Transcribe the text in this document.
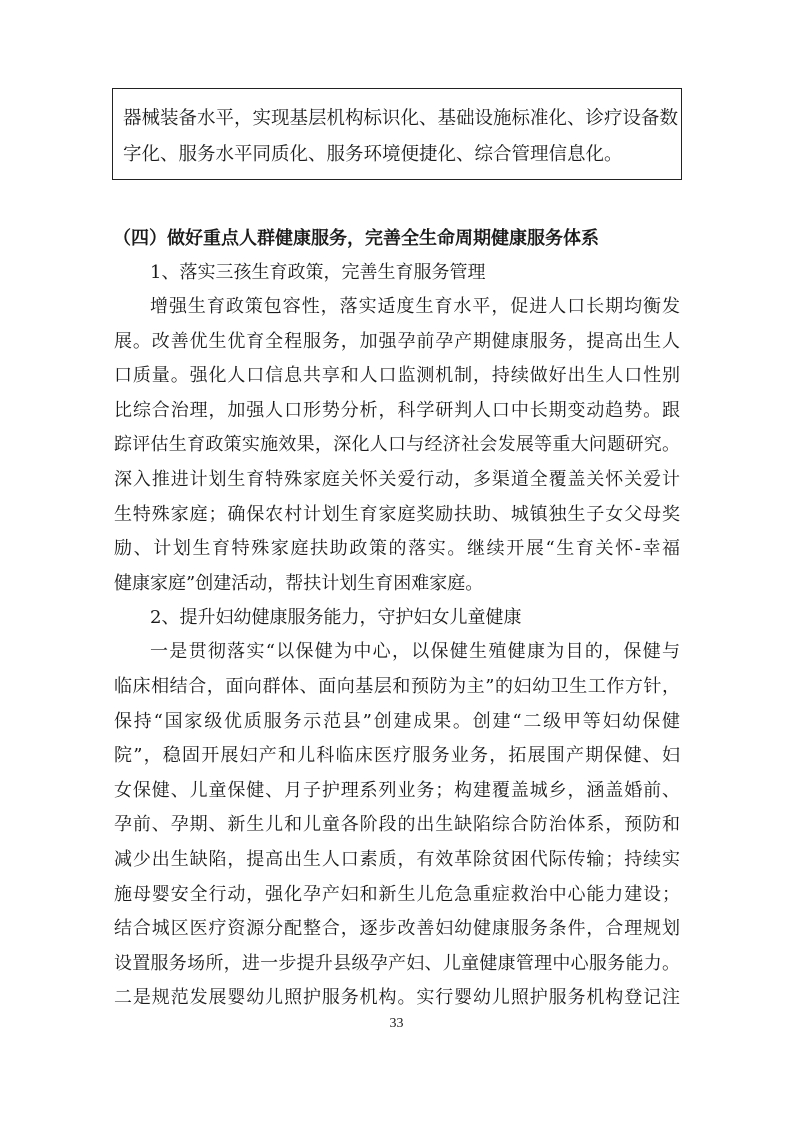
器械装备水平，实现基层机构标识化、基础设施标准化、诊疗设备数
字化、服务水平同质化、服务环境便捷化、综合管理信息化。
（四）做好重点人群健康服务，完善全生命周期健康服务体系
1、落实三孩生育政策，完善生育服务管理
增强生育政策包容性，落实适度生育水平，促进人口长期均衡发
展。改善优生优育全程服务，加强孕前孕产期健康服务，提高出生人
口质量。强化人口信息共享和人口监测机制，持续做好出生人口性别
比综合治理，加强人口形势分析，科学研判人口中长期变动趋势。跟
踪评估生育政策实施效果，深化人口与经济社会发展等重大问题研究。
深入推进计划生育特殊家庭关怀关爱行动，多渠道全覆盖关怀关爱计
生特殊家庭；确保农村计划生育家庭奖励扶助、城镇独生子女父母奖
励、计划生育特殊家庭扶助政策的落实。继续开展“生育关怀-幸福
健康家庭”创建活动，帮扶计划生育困难家庭。
2、提升妇幼健康服务能力，守护妇女儿童健康
一是贯彻落实“以保健为中心，以保健生殖健康为目的，保健与
临床相结合，面向群体、面向基层和预防为主”的妇幼卫生工作方针，
保持“国家级优质服务示范县”创建成果。创建“二级甲等妇幼保健
院”，稳固开展妇产和儿科临床医疗服务业务，拓展围产期保健、妇
女保健、儿童保健、月子护理系列业务；构建覆盖城乡，涵盖婚前、
孕前、孕期、新生儿和儿童各阶段的出生缺陷综合防治体系，预防和
减少出生缺陷，提高出生人口素质，有效革除贫困代际传输；持续实
施母婴安全行动，强化孕产妇和新生儿危急重症救治中心能力建设；
结合城区医疗资源分配整合，逐步改善妇幼健康服务条件，合理规划
设置服务场所，进一步提升县级孕产妇、儿童健康管理中心服务能力。
二是规范发展婴幼儿照护服务机构。实行婴幼儿照护服务机构登记注
33
